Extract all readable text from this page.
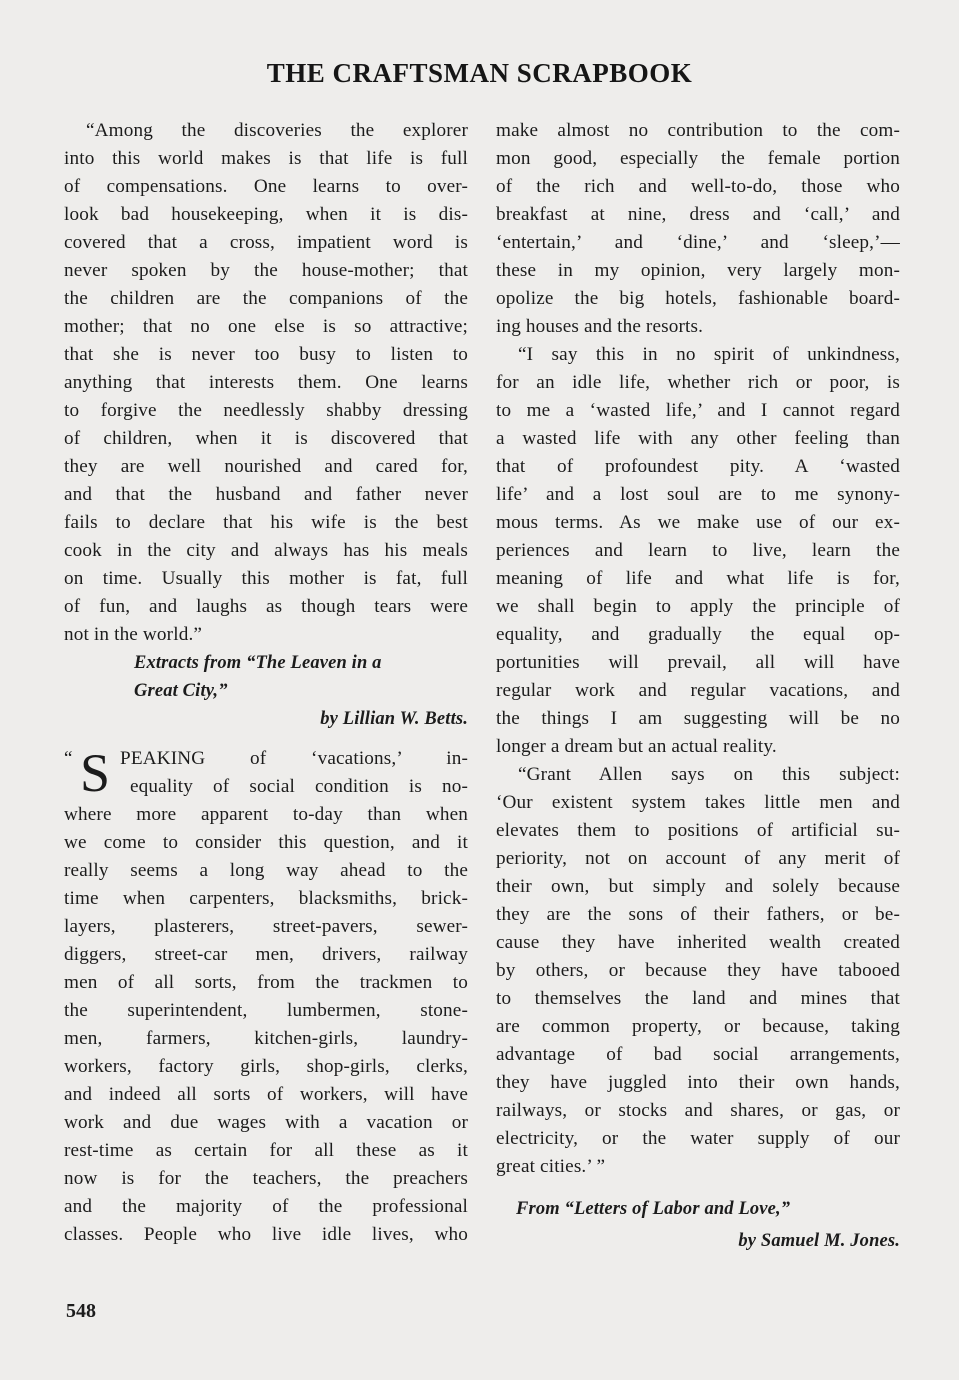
THE CRAFTSMAN SCRAPBOOK
“Among the discoveries the explorer
into this world makes is that life is full
of compensations. One learns to over-
look bad housekeeping, when it is dis-
covered that a cross, impatient word is
never spoken by the house-mother; that
the children are the companions of the
mother; that no one else is so attractive;
that she is never too busy to listen to
anything that interests them. One learns
to forgive the needlessly shabby dressing
of children, when it is discovered that
they are well nourished and cared for,
and that the husband and father never
fails to declare that his wife is the best
cook in the city and always has his meals
on time. Usually this mother is fat, full
of fun, and laughs as though tears were
not in the world.”
Extracts from “The Leaven in a
Great City,”
by Lillian W. Betts.
“ S PEAKING of ‘vacations,’ in-
equality of social condition is no-
where more apparent to-day than when
we come to consider this question, and it
really seems a long way ahead to the
time when carpenters, blacksmiths, brick-
layers, plasterers, street-pavers, sewer-
diggers, street-car men, drivers, railway
men of all sorts, from the trackmen to
the superintendent, lumbermen, stone-
men, farmers, kitchen-girls, laundry-
workers, factory girls, shop-girls, clerks,
and indeed all sorts of workers, will have
work and due wages with a vacation or
rest-time as certain for all these as it
now is for the teachers, the preachers
and the majority of the professional
classes. People who live idle lives, who
make almost no contribution to the com-
mon good, especially the female portion
of the rich and well-to-do, those who
breakfast at nine, dress and ‘call,’ and
‘entertain,’ and ‘dine,’ and ‘sleep,’—
these in my opinion, very largely mon-
opolize the big hotels, fashionable board-
ing houses and the resorts.
“I say this in no spirit of unkindness,
for an idle life, whether rich or poor, is
to me a ‘wasted life,’ and I cannot regard
a wasted life with any other feeling than
that of profoundest pity. A ‘wasted
life’ and a lost soul are to me synony-
mous terms. As we make use of our ex-
periences and learn to live, learn the
meaning of life and what life is for,
we shall begin to apply the principle of
equality, and gradually the equal op-
portunities will prevail, all will have
regular work and regular vacations, and
the things I am suggesting will be no
longer a dream but an actual reality.
“Grant Allen says on this subject:
‘Our existent system takes little men and
elevates them to positions of artificial su-
periority, not on account of any merit of
their own, but simply and solely because
they are the sons of their fathers, or be-
cause they have inherited wealth created
by others, or because they have tabooed
to themselves the land and mines that
are common property, or because, taking
advantage of bad social arrangements,
they have juggled into their own hands,
railways, or stocks and shares, or gas, or
electricity, or the water supply of our
great cities.’ ”
From “Letters of Labor and Love,”
by Samuel M. Jones.
548
